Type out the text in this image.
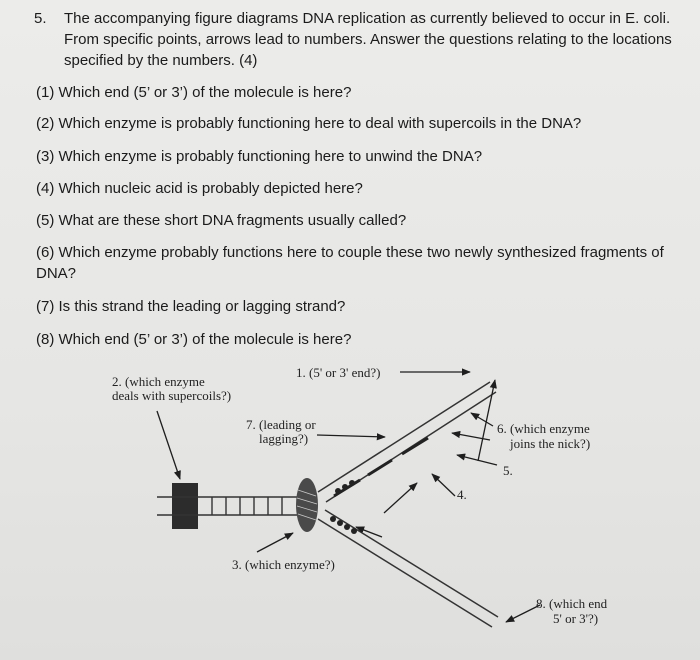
5. The accompanying figure diagrams DNA replication as currently believed to occur in E. coli. From specific points, arrows lead to numbers. Answer the questions relating to the locations specified by the numbers. (4)
(1) Which end (5’ or 3’) of the molecule is here?
(2) Which enzyme is probably functioning here to deal with supercoils in the DNA?
(3) Which enzyme is probably functioning here to unwind the DNA?
(4) Which nucleic acid is probably depicted here?
(5) What are these short DNA fragments usually called?
(6) Which enzyme probably functions here to couple these two newly synthesized fragments of DNA?
(7) Is this strand the leading or lagging strand?
(8) Which end (5’ or 3’) of the molecule is here?
1. (5' or 3' end?)
2. (which enzyme
deals with supercoils?)
7. (leading or
lagging?)
6. (which enzyme
joins the nick?)
5.
4.
3. (which enzyme?)
8. (which end
5' or 3'?)
